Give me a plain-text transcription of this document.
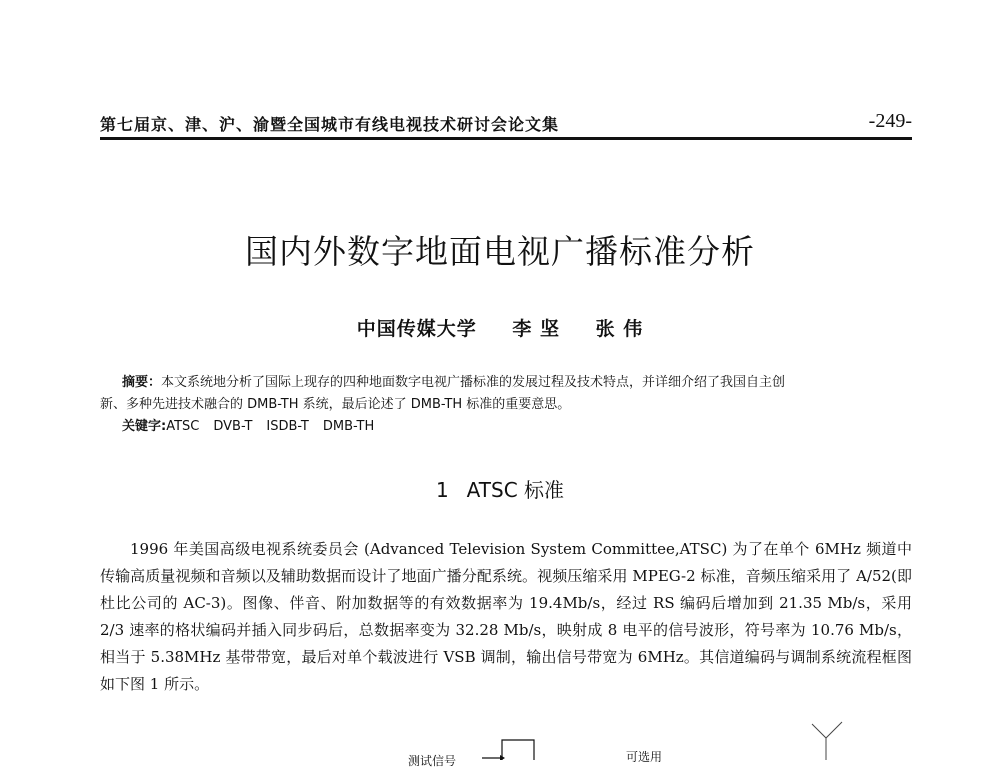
第七届京、津、沪、渝暨全国城市有线电视技术研讨会论文集	-249-
国内外数字地面电视广播标准分析
中国传媒大学 李 坚 张 伟
摘要：本文系统地分析了国际上现存的四种地面数字电视广播标准的发展过程及技术特点，并详细介绍了我国自主创
新、多种先进技术融合的 DMB-TH 系统，最后论述了 DMB-TH 标准的重要意思。
关键字:ATSC DVB-T ISDB-T DMB-TH
1 ATSC 标准

1996 年美国高级电视系统委员会 (Advanced Television System Committee,ATSC) 为了在单个 6MHz 频道中传输高质量视频和音频以及辅助数据而设计了地面广播分配系统。视频压缩采用 MPEG-2 标准，音频压缩采用了 A/52(即杜比公司的 AC-3)。图像、伴音、附加数据等的有效数据率为 19.4Mb/s，经过 RS 编码后增加到 21.35 Mb/s，采用 2/3 速率的格状编码并插入同步码后，总数据率变为 32.28 Mb/s，映射成 8 电平的信号波形，符号率为 10.76 Mb/s，相当于 5.38MHz 基带带宽，最后对单个载波进行 VSB 调制，输出信号带宽为 6MHz。其信道编码与调制系统流程框图如下图 1 所示。

测试信号	可选用
